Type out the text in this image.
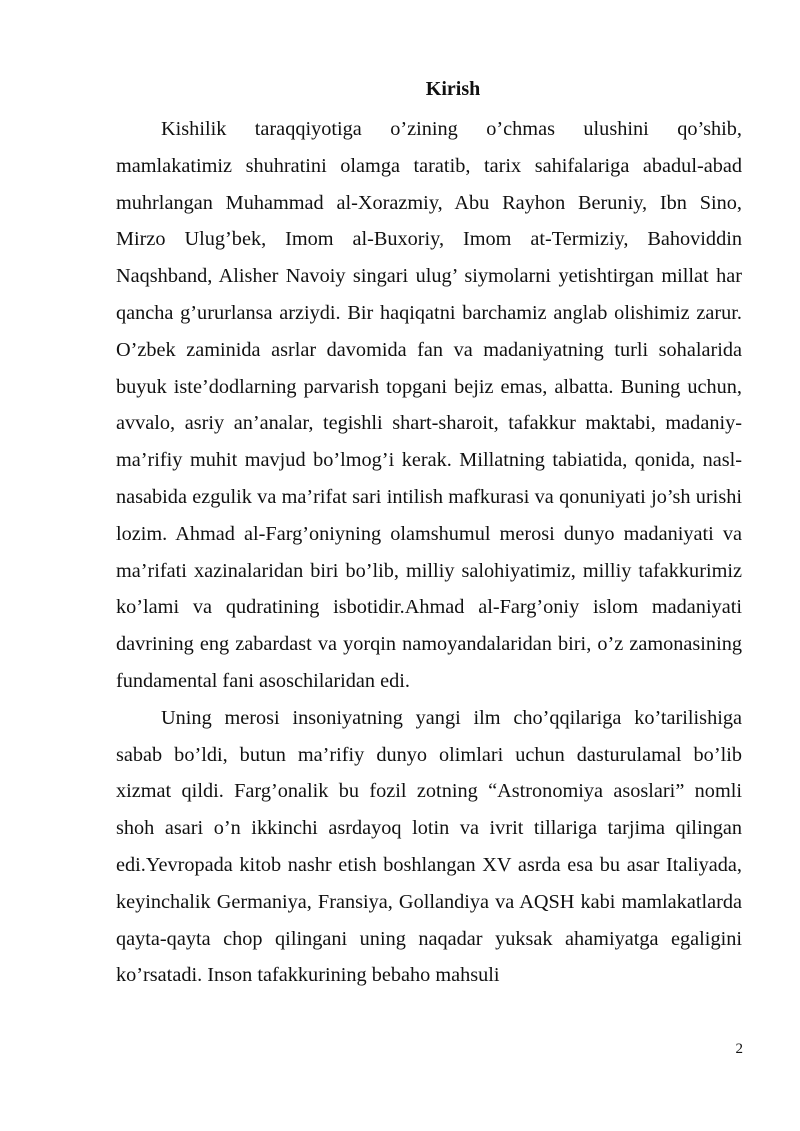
Kirish

Kishilik taraqqiyotiga o’zining o’chmas ulushini qo’shib, mamlakatimiz shuhratini olamga taratib, tarix sahifalariga abadul-abad muhrlangan Muhammad al-Xorazmiy, Abu Rayhon Beruniy, Ibn Sino, Mirzo Ulug’bek, Imom al-Buxoriy, Imom at-Termiziy, Bahoviddin Naqshband, Alisher Navoiy singari ulug’ siymolarni yetishtirgan millat har qancha g’ururlansa arziydi. Bir haqiqatni barchamiz anglab olishimiz zarur. O’zbek zaminida asrlar davomida fan va madaniyatning turli sohalarida buyuk iste’dodlarning parvarish topgani bejiz emas, albatta. Buning uchun, avvalo, asriy an’analar, tegishli shart-sharoit, tafakkur maktabi, madaniy-ma’rifiy muhit mavjud bo’lmog’i kerak. Millatning tabiatida, qonida, nasl-nasabida ezgulik va ma’rifat sari intilish mafkurasi va qonuniyati jo’sh urishi lozim. Ahmad al-Farg’oniyning olamshumul merosi dunyo madaniyati va ma’rifati xazinalaridan biri bo’lib, milliy salohiyatimiz, milliy tafakkurimiz ko’lami va qudratining isbotidir.Ahmad al-Farg’oniy islom madaniyati davrining eng zabardast va yorqin namoyandalaridan biri, o’z zamonasining fundamental fani asoschilaridan edi.

Uning merosi insoniyatning yangi ilm cho’qqilariga ko’tarilishiga sabab bo’ldi, butun ma’rifiy dunyo olimlari uchun dasturulamal bo’lib xizmat qildi. Farg’onalik bu fozil zotning “Astronomiya asoslari” nomli shoh asari o’n ikkinchi asrdayoq lotin va ivrit tillariga tarjima qilingan edi.Yevropada kitob nashr etish boshlangan XV asrda esa bu asar Italiyada, keyinchalik Germaniya, Fransiya, Gollandiya va AQSH kabi mamlakatlarda qayta-qayta chop qilingani uning naqadar yuksak ahamiyatga egaligini ko’rsatadi. Inson tafakkurining bebaho mahsuli

2
